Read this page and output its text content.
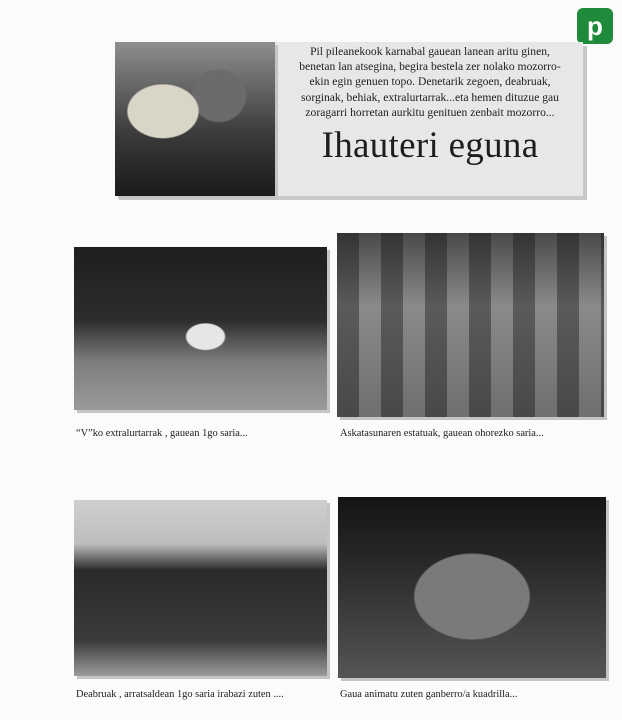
p

Pil pileanekook karnabal gauean lanean aritu ginen,
benetan lan atsegina, begira bestela zer nolako mozorro-
ekin egin genuen topo. Denetarik zegoen, deabruak,
sorginak, behiak, extralurtarrak...eta hemen dituzue gau
zoragarri horretan aurkitu genituen zenbait mozorro...

Ihauteri eguna

“V”ko extralurtarrak , gauean 1go saria...	Askatasunaren estatuak, gauean ohorezko saria...

Deabruak , arratsaldean 1go saria irabazi zuten ....	Gaua animatu zuten ganberro/a kuadrilla...
